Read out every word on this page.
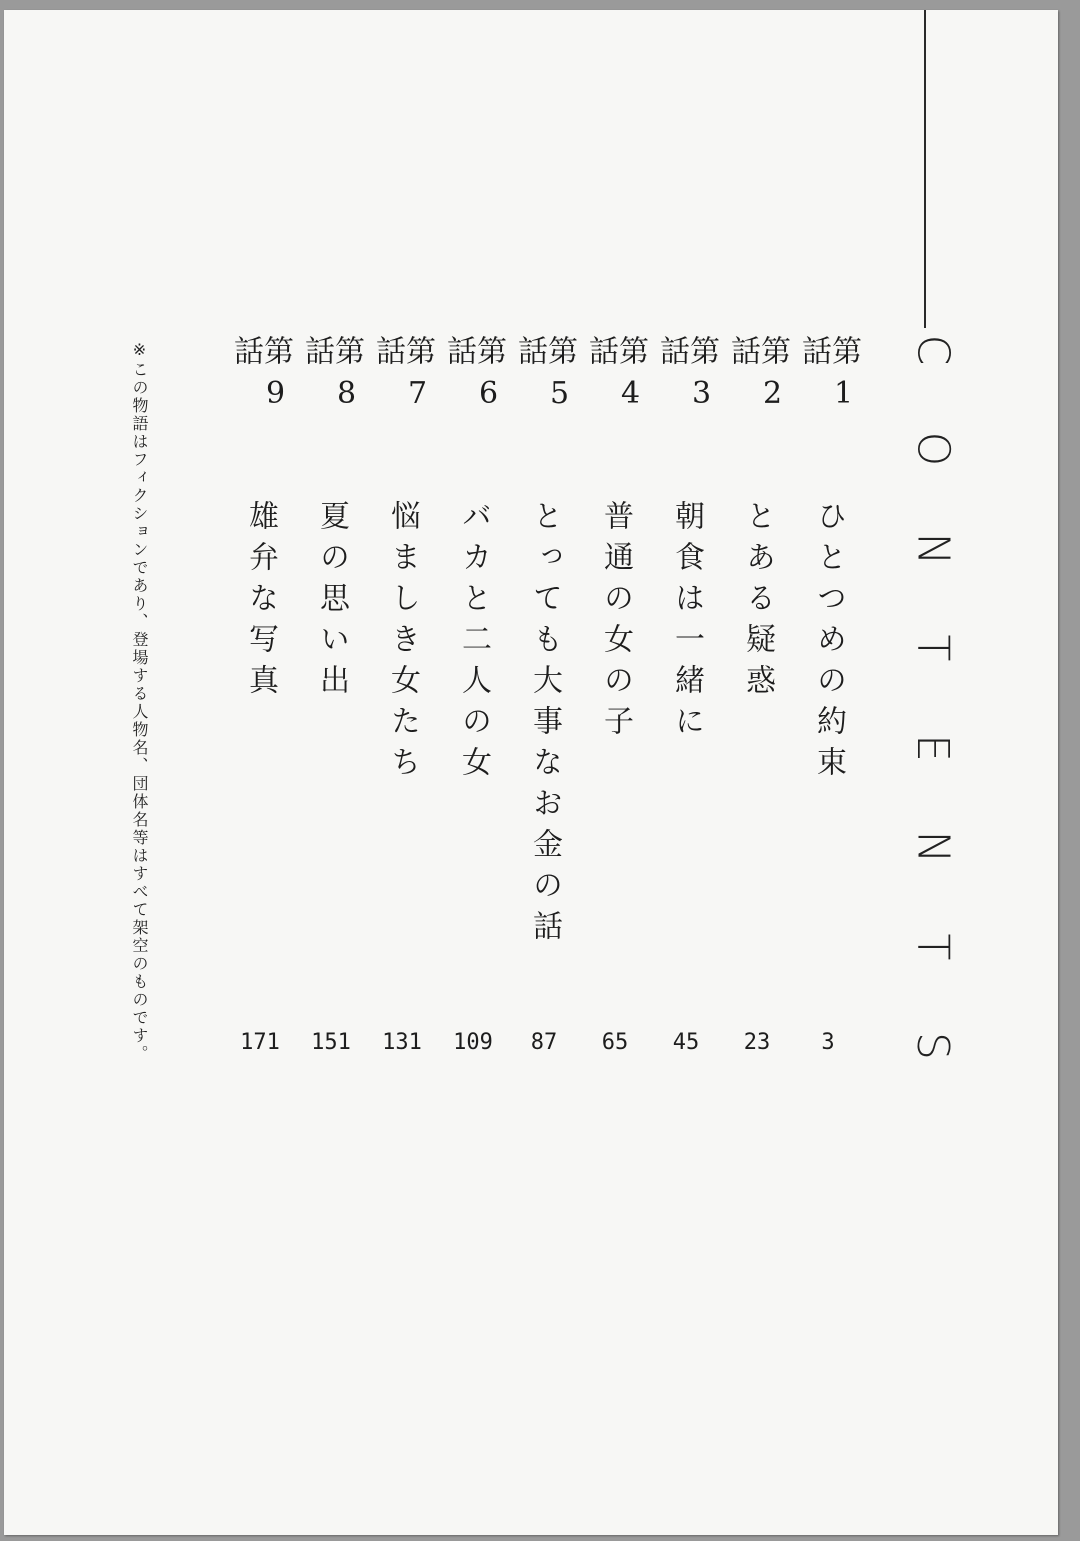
C
O
N
T
E
N
T
S
第1話
ひとつめの約束
3
第2話
とある疑惑
23
第3話
朝食は一緒に
45
第4話
普通の女の子
65
第5話
とっても大事なお金の話
87
第6話
バカと二人の女
109
第7話
悩ましき女たち
131
第8話
夏の思い出
151
第9話
雄弁な写真
171
※この物語はフィクションであり、登場する人物名、団体名等はすべて架空のものです。
